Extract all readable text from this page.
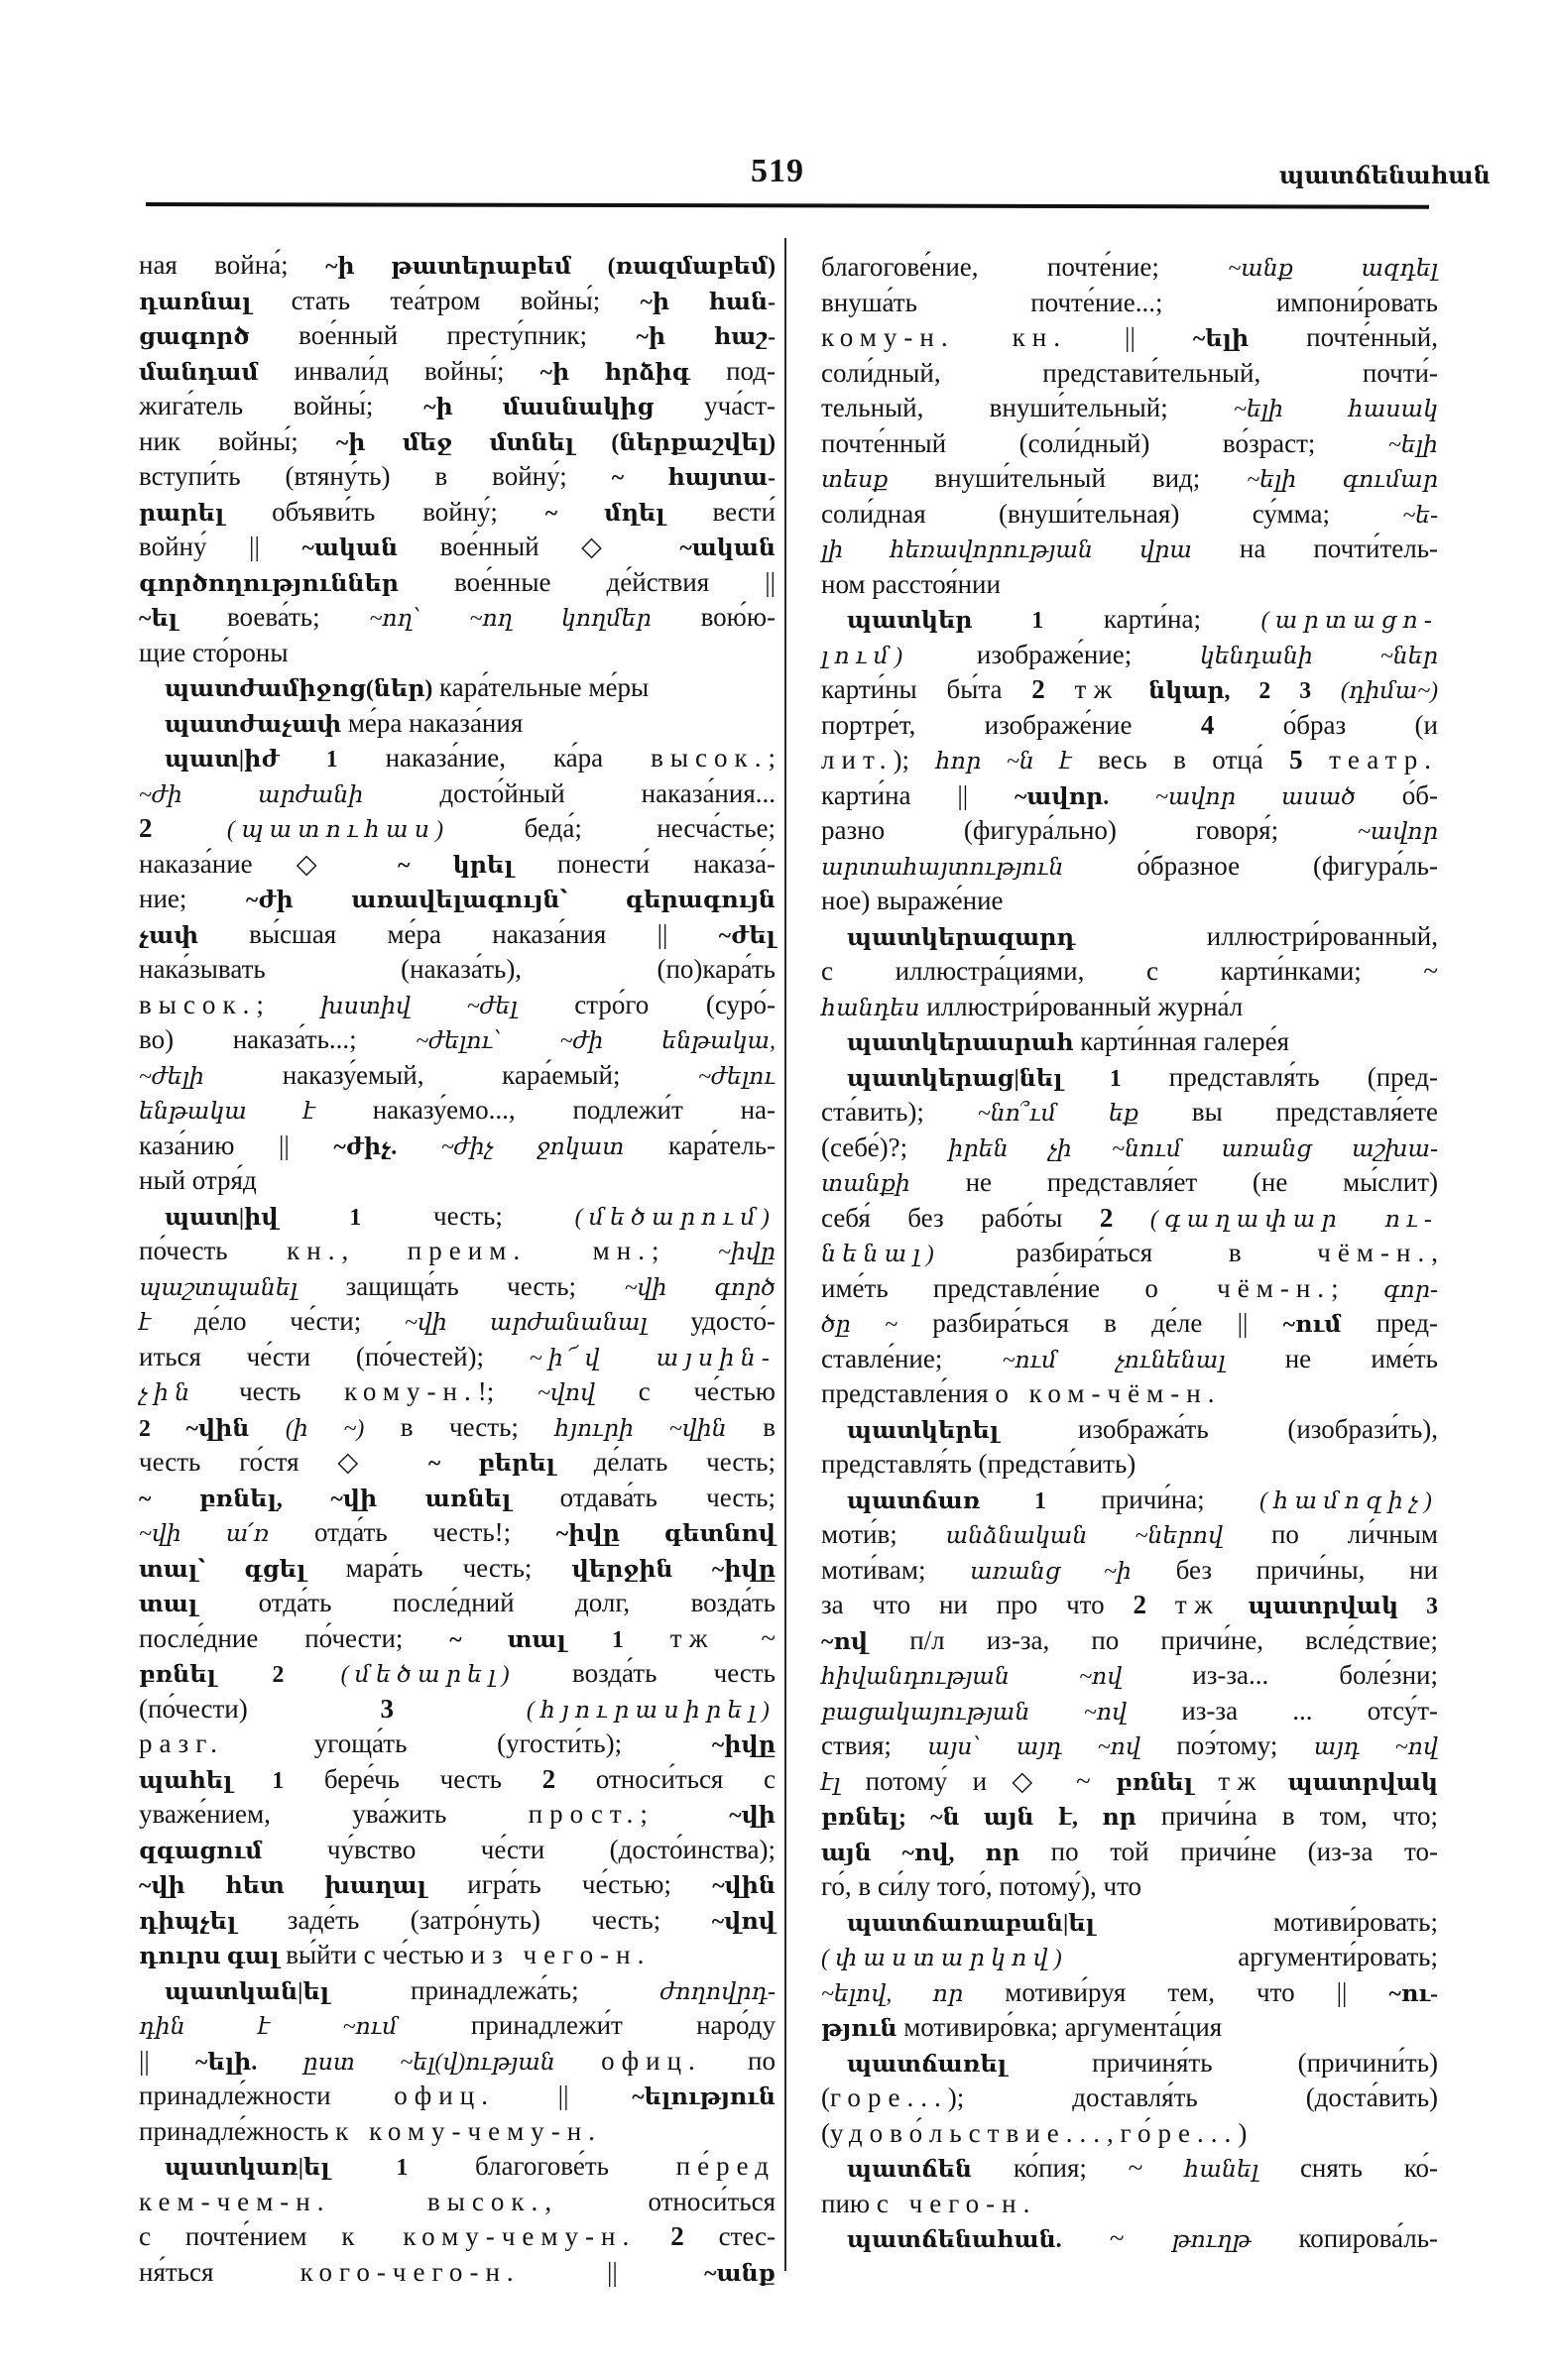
519	պատճենահան
ная война́; ~ի թատերաբեմ (ռազմաբեմ)
դառնալ стать теа́тром войны́; ~ի հան-
ցագործ вое́нный престу́пник; ~ի հաշ-
մանդամ инвали́д войны́; ~ի հրձիգ под-
жига́тель войны́; ~ի մասնակից уча́ст-
ник войны́; ~ի մեջ մտնել (ներքաշվել)
вступи́ть (втяну́ть) в войну́; ~ հայտա-
րարել объяви́ть войну́; ~ մղել вести́
войну́ || ~ական вое́нный ◇ ~ական
գործողություններ вое́нные де́йствия ||
~ել воева́ть; ~ող՝ ~ող կողմեր вою́ю-
щие сто́роны
պատժամիջոց(ներ) кара́тельные ме́ры
պատժաչափ ме́ра наказа́ния
պատ|իժ 1 наказа́ние, ка́ра высок.;
~ժի արժանի досто́йный наказа́ния...
2	(պատուհաս) беда́; несча́стье;
наказа́ние ◇ ~ կրել понести́ наказа́-
ние; ~ժի առավելագույն՝ գերագույն
չափ вы́сшая ме́ра наказа́ния || ~ժել
нака́зывать (наказа́ть), (по)кара́ть
высок.; խստիվ ~ժել стро́го (суро́-
во) наказа́ть...; ~ժելու՝ ~ժի ենթակա,
~ժելի наказу́емый, кара́емый; ~ժելու
ենթակա է наказу́емо..., подлежи́т на-
каза́нию || ~ժիչ. ~ժիչ ջոկատ кара́тель-
ный отря́д
պատ|իվ 1 честь; (մեծարում)
по́честь кн., преим. мн.; ~իվը
պաշտպանել защища́ть честь; ~վի գործ
է де́ло че́сти; ~վի արժանանալ удосто́-
иться че́сти (по́честей); ~ի՜վ այսին-
չին честь кому-н.!; ~վով с че́стью
2 ~վին (ի ~) в честь; հյուրի ~վին в
честь го́стя ◇ ~ բերել де́лать честь;
~ բռնել, ~վի առնել отдава́ть честь;
~վի ա՛ռ отда́ть честь!; ~իվը գետնով
տալ՝ գցել мара́ть честь; վերջին ~իվը
տալ отда́ть после́дний долг, возда́ть
после́дние по́чести; ~ տալ 1 тж ~
բռնել 2 (մեծարել) возда́ть честь
(по́чести) 3	(հյուրասիրել)
разг. угоща́ть (угости́ть); ~իվը
պահել 1 бере́чь честь 2 относи́ться с
уваже́нием, ува́жить прост.; ~վի
զգացում чу́вство че́сти (досто́инства);
~վի հետ խաղալ игра́ть че́стью; ~վին
դիպչել заде́ть (затро́нуть) честь; ~վով
դուրս գալ вы́йти с че́стью из чего-н.
պատկան|ել принадлежа́ть; ժողովրդ-
դին է ~ում принадлежи́т наро́ду
|| ~ելի. ըստ ~ել(վ)ության офиц. по
принадле́жности офиц. || ~ելություն
принадле́жность к кому-чему-н.
պատկառ|ել 1 благогове́ть пе́ред
кем-чем-н.	высок., относи́ться
с почте́нием к кому-чему-н. 2 стес-
ня́ться кого-чего-н. || ~անք
благогове́ние, почте́ние; ~անք ազդել
внуша́ть почте́ние...; импони́ровать
кому-н. кн. || ~ելի почте́нный,
соли́дный, представи́тельный, почти́-
тельный, внуши́тельный; ~ելի հասակ
почте́нный (соли́дный) во́зраст; ~ելի
տեսք внуши́тельный вид; ~ելի գումար
соли́дная (внуши́тельная) су́мма; ~ե-
լի հեռավորության վրա на почти́тель-
ном расстоя́нии
պատկեր 1 карти́на; (արտացո-
լում) изображе́ние; կենդանի ~ներ
карти́ны бы́та 2 тж նկար, 2 3 (դիմա~)
портре́т, изображе́ние 4 о́браз (и
лит.); հոր ~ն է весь в отца́ 5 театр.
карти́на || ~ավոր. ~ավոր ասած о́б-
разно (фигура́льно) говоря́; ~ավոր
արտահայտություն о́бразное (фигура́ль-
ное) выраже́ние
պատկերազարդ иллюстри́рованный,
с иллюстра́циями, с карти́нками; ~
հանդես иллюстри́рованный журна́л
պատկերասրահ карти́нная галере́я
պատկերաց|նել 1 представля́ть (пред-
ста́вить); ~նո՞ւմ եք вы представля́ете
(себе́)?; իրեն չի ~նում առանց աշխա-
տանքի не представля́ет (не мы́слит)
себя́ без рабо́ты 2 (գաղափար ու-
նենալ) разбира́ться в чём-н.,
име́ть представле́ние о чём-н.; գոր-
ծը ~ разбира́ться в де́ле || ~ում пред-
ставле́ние; ~ում չունենալ не име́ть
представле́ния о ком-чём-н.
պատկերել изобража́ть (изобрази́ть),
представля́ть (предста́вить)
պատճառ 1 причи́на; (համոզիչ)
моти́в; անձնական ~ներով по ли́чным
моти́вам; առանց ~ի без причи́ны, ни
за что ни про что 2 тж պատրվակ 3
~ով п/л из-за, по причи́не, всле́дствие;
հիվանդության ~ով из-за... боле́зни;
բացակայության ~ով из-за ... отсу́т-
ствия; այս՝ այդ ~ով поэ́тому; այդ ~ով
էլ потому́ и ◇ ~ բռնել тж պատրվակ
բռնել; ~ն այն է, որ причи́на в том, что;
այն ~ով, որ по той причи́не (из-за то-
го́, в си́лу того́, потому́), что
պատճառաբան|ել мотиви́ровать;
(փաստարկով) аргументи́ровать;
~ելով, որ мотиви́руя тем, что || ~ու-
թյուն мотивиро́вка; аргумента́ция
պատճառել причиня́ть (причини́ть)
(горе...); доставля́ть (доста́вить)
(удово́льствие..., го́ре...)
պատճեն ко́пия; ~ հանել снять ко́-
пию с чего-н.
պատճենահան. ~ թուղթ копирова́ль-
